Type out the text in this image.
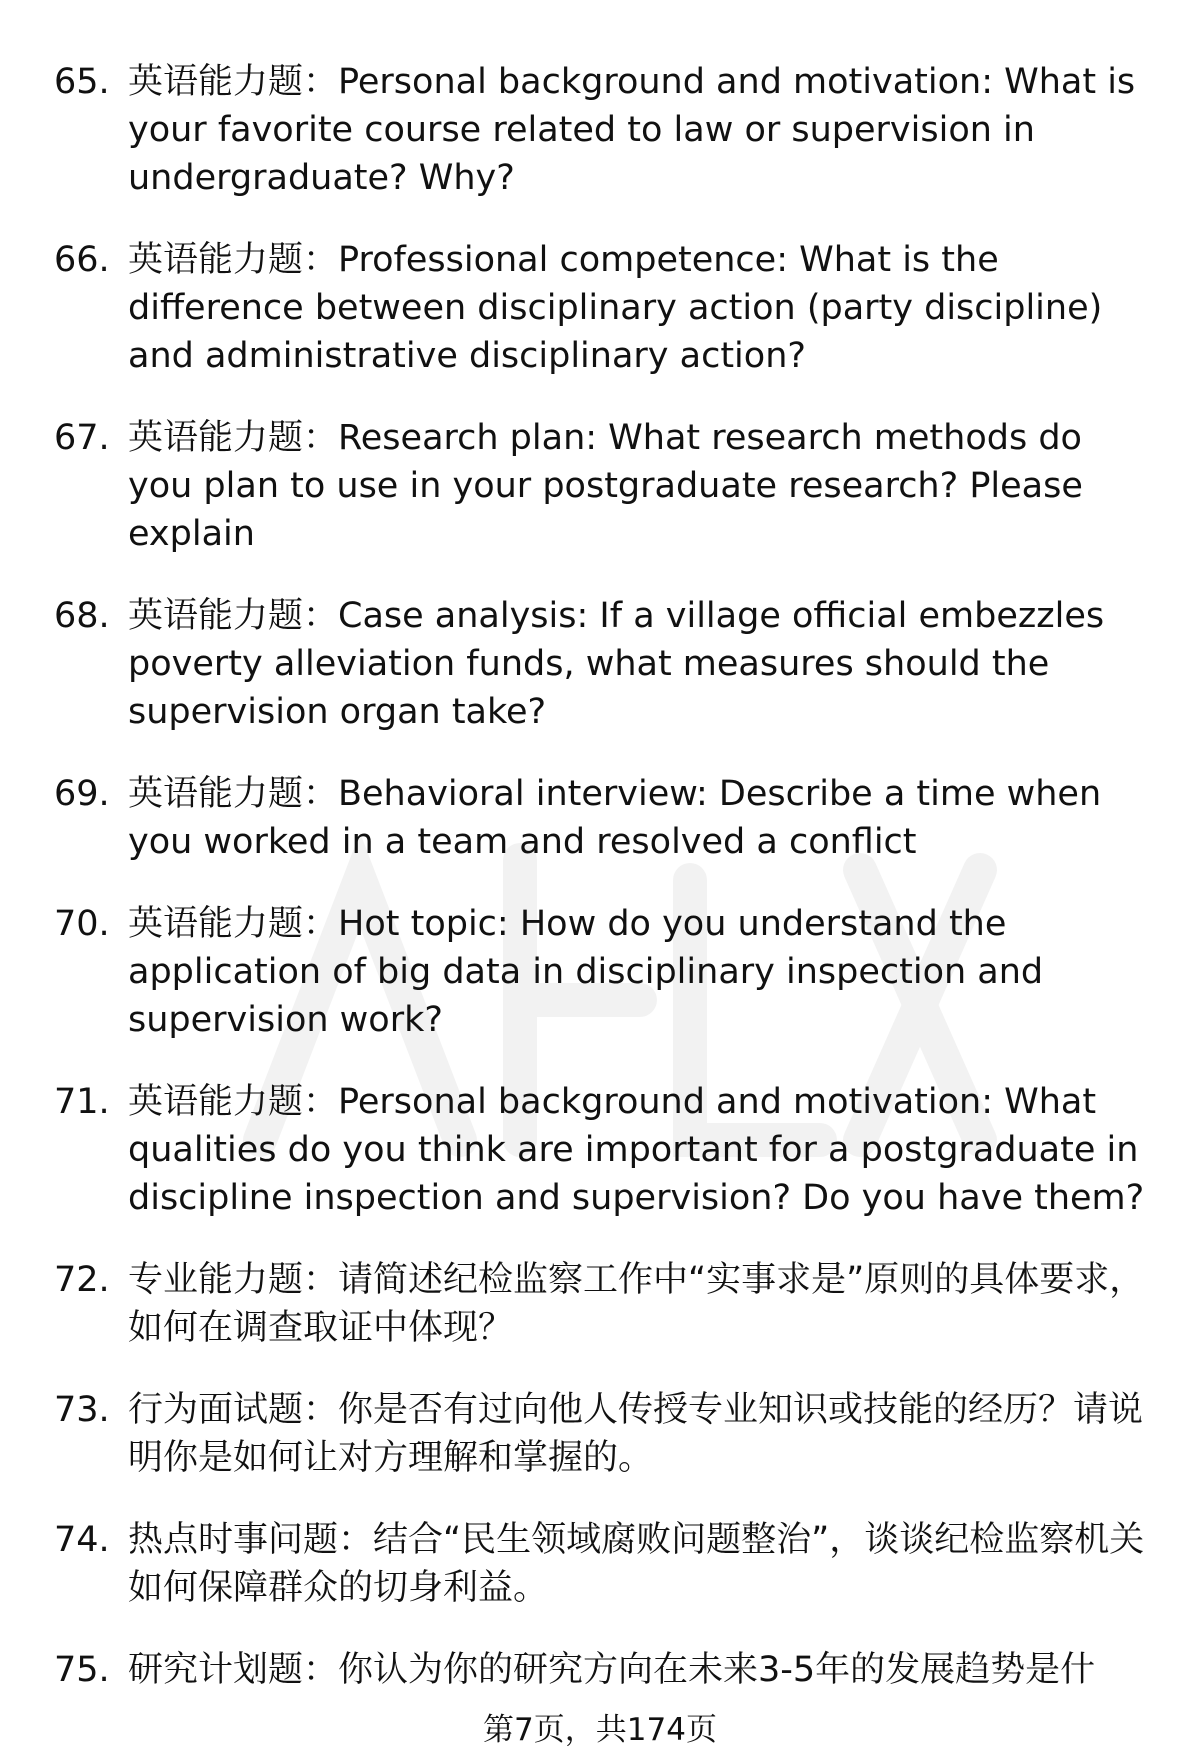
65. 英语能力题：Personal background and motivation: What is your favorite course related to law or supervision in undergraduate? Why?
66. 英语能力题：Professional competence: What is the difference between disciplinary action (party discipline) and administrative disciplinary action?
67. 英语能力题：Research plan: What research methods do you plan to use in your postgraduate research? Please explain
68. 英语能力题：Case analysis: If a village official embezzles poverty alleviation funds, what measures should the supervision organ take?
69. 英语能力题：Behavioral interview: Describe a time when you worked in a team and resolved a conflict
70. 英语能力题：Hot topic: How do you understand the application of big data in disciplinary inspection and supervision work?
71. 英语能力题：Personal background and motivation: What qualities do you think are important for a postgraduate in discipline inspection and supervision? Do you have them?
72. 专业能力题：请简述纪检监察工作中“实事求是”原则的具体要求，如何在调查取证中体现？
73. 行为面试题：你是否有过向他人传授专业知识或技能的经历？请说明你是如何让对方理解和掌握的。
74. 热点时事问题：结合“民生领域腐败问题整治”，谈谈纪检监察机关如何保障群众的切身利益。
75. 研究计划题：你认为你的研究方向在未来3-5年的发展趋势是什
第7页，共174页
